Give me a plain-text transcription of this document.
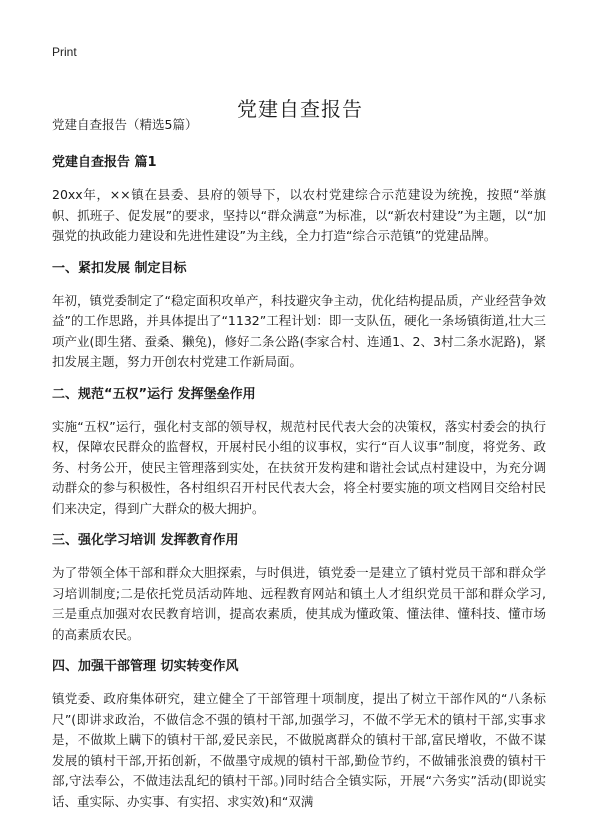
Print
党建自查报告

党建自查报告（精选5篇）

党建自查报告 篇1

20xx年，××镇在县委、县府的领导下，以农村党建综合示范建设为统挽，按照“举旗帜、抓班子、促发展”的要求，坚持以“群众满意”为标准，以“新农村建设”为主题，以“加强党的执政能力建设和先进性建设”为主线，全力打造“综合示范镇”的党建品牌。

一、紧扣发展 制定目标

年初，镇党委制定了“稳定面积攻单产，科技避灾争主动，优化结构提品质，产业经营争效益”的工作思路，并具体提出了“1132”工程计划：即一支队伍，硬化一条场镇街道,壮大三项产业(即生猪、蚕桑、獭兔)，修好二条公路(李家合村、连通1、2、3村二条水泥路)，紧扣发展主题，努力开创农村党建工作新局面。

二、规范“五权”运行 发挥堡垒作用

实施“五权”运行，强化村支部的领导权，规范村民代表大会的决策权，落实村委会的执行权，保障农民群众的监督权，开展村民小组的议事权，实行“百人议事”制度，将党务、政务、村务公开，使民主管理落到实处，在扶贫开发构建和谐社会试点村建设中，为充分调动群众的参与积极性，各村组织召开村民代表大会，将全村要实施的项文档网目交给村民们来决定，得到广大群众的极大拥护。

三、强化学习培训 发挥教育作用

为了带领全体干部和群众大胆探索，与时俱进，镇党委一是建立了镇村党员干部和群众学习培训制度;二是依托党员活动阵地、远程教育网站和镇土人才组织党员干部和群众学习,三是重点加强对农民教育培训，提高农素质，使其成为懂政策、懂法律、懂科技、懂市场的高素质农民。

四、加强干部管理 切实转变作风

镇党委、政府集体研究，建立健全了干部管理十项制度，提出了树立干部作风的“八条标尺”(即讲求政治，不做信念不强的镇村干部,加强学习，不做不学无术的镇村干部,实事求是，不做欺上瞒下的镇村干部,爱民亲民，不做脱离群众的镇村干部,富民增收，不做不谋发展的镇村干部,开拓创新，不做墨守成规的镇村干部,勤俭节约，不做铺张浪费的镇村干部,守法奉公，不做违法乱纪的镇村干部。)同时结合全镇实际，开展“六务实”活动(即说实话、重实际、办实事、有实招、求实效)和“双满
